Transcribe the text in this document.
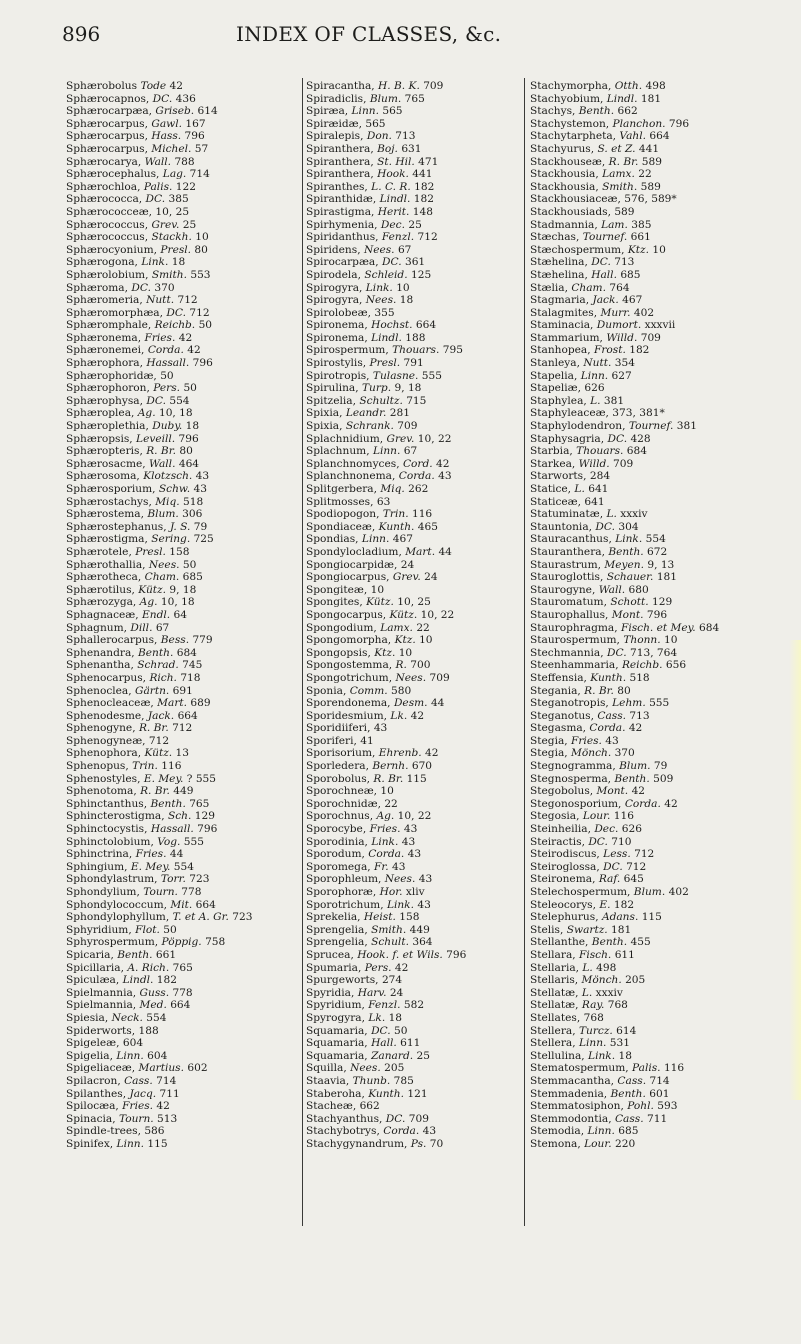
896	INDEX OF CLASSES, &c.
Sphærobolus Tode 42
Sphærocapnos, DC. 436
Sphærocarpæa, Griseb. 614
Sphærocarpus, Gawl. 167
Sphærocarpus, Hass. 796
Sphærocarpus, Michel. 57
Sphærocarya, Wall. 788
Sphærocephalus, Lag. 714
Sphærochloa, Palis. 122
Sphærococca, DC. 385
Sphærococceæ, 10, 25
Sphærococcus, Grev. 25
Sphærococcus, Stackh. 10
Sphærocyonium, Presl. 80
Sphærogona, Link. 18
Sphærolobium, Smith. 553
Sphæroma, DC. 370
Sphæromeria, Nutt. 712
Sphæromorphæa, DC. 712
Sphæromphale, Reichb. 50
Sphæronema, Fries. 42
Sphæronemei, Corda. 42
Sphærophora, Hassall. 796
Sphærophoridæ, 50
Sphærophoron, Pers. 50
Sphærophysa, DC. 554
Sphæroplea, Ag. 10, 18
Sphæroplethia, Duby. 18
Sphæropsis, Leveill. 796
Sphæropteris, R. Br. 80
Sphærosacme, Wall. 464
Sphærosoma, Klotzsch. 43
Sphærosporium, Schw. 43
Sphærostachys, Miq. 518
Sphærostema, Blum. 306
Sphærostephanus, J. S. 79
Sphærostigma, Sering. 725
Sphærotele, Presl. 158
Sphærothallia, Nees. 50
Sphærotheca, Cham. 685
Sphærotilus, Kütz. 9, 18
Sphærozyga, Ag. 10, 18
Sphagnaceæ, Endl. 64
Sphagnum, Dill. 67
Sphallerocarpus, Bess. 779
Sphenandra, Benth. 684
Sphenantha, Schrad. 745
Sphenocarpus, Rich. 718
Sphenoclea, Gärtn. 691
Sphenocleaceæ, Mart. 689
Sphenodesme, Jack. 664
Sphenogyne, R. Br. 712
Sphenogyneæ, 712
Sphenophora, Kütz. 13
Sphenopus, Trin. 116
Sphenostyles, E. Mey. ? 555
Sphenotoma, R. Br. 449
Sphinctanthus, Benth. 765
Sphincterostigma, Sch. 129
Sphinctocystis, Hassall. 796
Sphinctolobium, Vog. 555
Sphinctrina, Fries. 44
Sphingium, E. Mey. 554
Sphondylastrum, Torr. 723
Sphondylium, Tourn. 778
Sphondylococcum, Mit. 664
Sphondylophyllum, T. et A. Gr. 723
Sphyridium, Flot. 50
Sphyrospermum, Pöppig. 758
Spicaria, Benth. 661
Spicillaria, A. Rich. 765
Spiculæa, Lindl. 182
Spielmannia, Guss. 778
Spielmannia, Med. 664
Spiesia, Neck. 554
Spiderworts, 188
Spigeleæ, 604
Spigelia, Linn. 604
Spigeliaceæ, Martius. 602
Spilacron, Cass. 714
Spilanthes, Jacq. 711
Spilocæa, Fries. 42
Spinacia, Tourn. 513
Spindle-trees, 586
Spinifex, Linn. 115
Spiracantha, H. B. K. 709
Spiradiclis, Blum. 765
Spiræa, Linn. 565
Spiræidæ, 565
Spiralepis, Don. 713
Spiranthera, Boj. 631
Spiranthera, St. Hil. 471
Spiranthera, Hook. 441
Spiranthes, L. C. R. 182
Spiranthidæ, Lindl. 182
Spirastigma, Herit. 148
Spirhymenia, Dec. 25
Spiridanthus, Fenzl. 712
Spiridens, Nees. 67
Spirocarpæa, DC. 361
Spirodela, Schleid. 125
Spirogyra, Link. 10
Spirogyra, Nees. 18
Spirolobeæ, 355
Spironema, Hochst. 664
Spironema, Lindl. 188
Spirospermum, Thouars. 795
Spirostylis, Presl. 791
Spirotropis, Tulasne. 555
Spirulina, Turp. 9, 18
Spitzelia, Schultz. 715
Spixia, Leandr. 281
Spixia, Schrank. 709
Splachnidium, Grev. 10, 22
Splachnum, Linn. 67
Splanchnomyces, Cord. 42
Splanchnonema, Corda. 43
Splitgerbera, Miq. 262
Splitmosses, 63
Spodiopogon, Trin. 116
Spondiaceæ, Kunth. 465
Spondias, Linn. 467
Spondylocladium, Mart. 44
Spongiocarpidæ, 24
Spongiocarpus, Grev. 24
Spongiteæ, 10
Spongites, Kütz. 10, 25
Spongocarpus, Kütz. 10, 22
Spongodium, Lamx. 22
Spongomorpha, Ktz. 10
Spongopsis, Ktz. 10
Spongostemma, R. 700
Spongotrichum, Nees. 709
Sponia, Comm. 580
Sporendonema, Desm. 44
Sporidesmium, Lk. 42
Sporidiiferi, 43
Sporiferi, 41
Sporisorium, Ehrenb. 42
Sporledera, Bernh. 670
Sporobolus, R. Br. 115
Sporochneæ, 10
Sporochnidæ, 22
Sporochnus, Ag. 10, 22
Sporocybe, Fries. 43
Sporodinia, Link. 43
Sporodum, Corda. 43
Sporomega, Fr. 43
Sporophleum, Nees. 43
Sporophoræ, Hor. xliv
Sporotrichum, Link. 43
Sprekelia, Heist. 158
Sprengelia, Smith. 449
Sprengelia, Schult. 364
Sprucea, Hook. f. et Wils. 796
Spumaria, Pers. 42
Spurgeworts, 274
Spyridia, Harv. 24
Spyridium, Fenzl. 582
Spyrogyra, Lk. 18
Squamaria, DC. 50
Squamaria, Hall. 611
Squamaria, Zanard. 25
Squilla, Nees. 205
Staavia, Thunb. 785
Staberoha, Kunth. 121
Stacheæ, 662
Stachyanthus, DC. 709
Stachybotrys, Corda. 43
Stachygynandrum, Ps. 70
Stachymorpha, Otth. 498
Stachyobium, Lindl. 181
Stachys, Benth. 662
Stachystemon, Planchon. 796
Stachytarpheta, Vahl. 664
Stachyurus, S. et Z. 441
Stackhouseæ, R. Br. 589
Stackhousia, Lamx. 22
Stackhousia, Smith. 589
Stackhousiaceæ, 576, 589*
Stackhousiads, 589
Stadmannia, Lam. 385
Stæchas, Tournef. 661
Stæchospermum, Ktz. 10
Stæhelina, DC. 713
Stæhelina, Hall. 685
Stælia, Cham. 764
Stagmaria, Jack. 467
Stalagmites, Murr. 402
Staminacia, Dumort. xxxvii
Stammarium, Willd. 709
Stanhopea, Frost. 182
Stanleya, Nutt. 354
Stapelia, Linn. 627
Stapeliæ, 626
Staphylea, L. 381
Staphyleaceæ, 373, 381*
Staphylodendron, Tournef. 381
Staphysagria, DC. 428
Starbia, Thouars. 684
Starkea, Willd. 709
Starworts, 284
Statice, L. 641
Staticeæ, 641
Statuminatæ, L. xxxiv
Stauntonia, DC. 304
Stauracanthus, Link. 554
Stauranthera, Benth. 672
Staurastrum, Meyen. 9, 13
Stauroglottis, Schauer. 181
Staurogyne, Wall. 680
Stauromatum, Schott. 129
Staurophallus, Mont. 796
Staurophragma, Fisch. et Mey. 684
Staurospermum, Thonn. 10
Stechmannia, DC. 713, 764
Steenhammaria, Reichb. 656
Steffensia, Kunth. 518
Stegania, R. Br. 80
Steganotropis, Lehm. 555
Steganotus, Cass. 713
Stegasma, Corda. 42
Stegia, Fries. 43
Stegia, Mönch. 370
Stegnogramma, Blum. 79
Stegnosperma, Benth. 509
Stegobolus, Mont. 42
Stegonosporium, Corda. 42
Stegosia, Lour. 116
Steinheilia, Dec. 626
Steiractis, DC. 710
Steirodiscus, Less. 712
Steiroglossa, DC. 712
Steironema, Raf. 645
Stelechospermum, Blum. 402
Steleocorys, E. 182
Stelephurus, Adans. 115
Stelis, Swartz. 181
Stellanthe, Benth. 455
Stellara, Fisch. 611
Stellaria, L. 498
Stellaris, Mönch. 205
Stellatæ, L. xxxiv
Stellatæ, Ray. 768
Stellates, 768
Stellera, Turcz. 614
Stellera, Linn. 531
Stellulina, Link. 18
Stematospermum, Palis. 116
Stemmacantha, Cass. 714
Stemmadenia, Benth. 601
Stemmatosiphon, Pohl. 593
Stemmodontia, Cass. 711
Stemodia, Linn. 685
Stemona, Lour. 220
